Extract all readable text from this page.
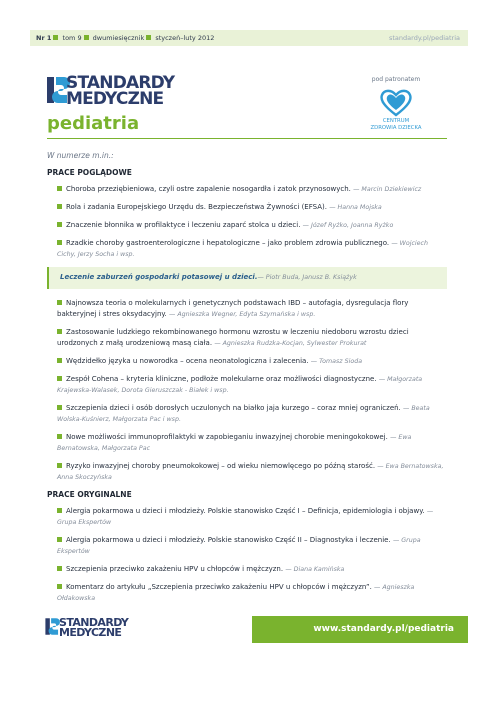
Nr 1 tom 9 dwumiesięcznik styczeń–luty 2012	standardy.pl/pediatria
STANDARDY
MEDYCZNE
pediatria
pod patronatem
CENTRUM
ZDROWIA DZIECKA
W numerze m.in.:
PRACE POGLĄDOWE
Choroba przeziębieniowa, czyli ostre zapalenie nosogardła i zatok przynosowych. — Marcin Dziekiewicz
Rola i zadania Europejskiego Urzędu ds. Bezpieczeństwa Żywności (EFSA). — Hanna Mojska
Znaczenie błonnika w profilaktyce i leczeniu zaparć stolca u dzieci. — Józef Ryżko, Joanna Ryżko
Rzadkie choroby gastroenterologiczne i hepatologiczne – jako problem zdrowia publicznego. — Wojciech Cichy, Jerzy Socha i wsp.
Leczenie zaburzeń gospodarki potasowej u dzieci.— Piotr Buda, Janusz B. Książyk
Najnowsza teoria o molekularnych i genetycznych podstawach IBD – autofagia, dysregulacja flory bakteryjnej i stres oksydacyjny. — Agnieszka Wegner, Edyta Szymańska i wsp.
Zastosowanie ludzkiego rekombinowanego hormonu wzrostu w leczeniu niedoboru wzrostu dzieci urodzonych z małą urodzeniową masą ciała. — Agnieszka Rudzka-Kocjan, Sylwester Prokurat
Wędzidełko języka u noworodka – ocena neonatologiczna i zalecenia. — Tomasz Sioda
Zespół Cohena – kryteria kliniczne, podłoże molekularne oraz możliwości diagnostyczne. — Małgorzata Krajewska-Walasek, Dorota Gieruszczak - Białek i wsp.
Szczepienia dzieci i osób dorosłych uczulonych na białko jaja kurzego – coraz mniej ograniczeń. — Beata Wolska-Kuśnierz, Małgorzata Pac i wsp.
Nowe możliwości immunoprofilaktyki w zapobieganiu inwazyjnej chorobie meningokokowej. — Ewa Bernatowska, Małgorzata Pac
Ryzyko inwazyjnej choroby pneumokokowej – od wieku niemowlęcego po późną starość. — Ewa Bernatowska, Anna Skoczyńska
PRACE ORYGINALNE
Alergia pokarmowa u dzieci i młodzieży. Polskie stanowisko Część I – Definicja, epidemiologia i objawy. — Grupa Ekspertów
Alergia pokarmowa u dzieci i młodzieży. Polskie stanowisko Część II – Diagnostyka i leczenie. — Grupa Ekspertów
Szczepienia przeciwko zakażeniu HPV u chłopców i mężczyzn. — Diana Kamińska
Komentarz do artykułu „Szczepienia przeciwko zakażeniu HPV u chłopców i mężczyzn”. — Agnieszka Ołdakowska
STANDARDY
MEDYCZNE	www.standardy.pl/pediatria
